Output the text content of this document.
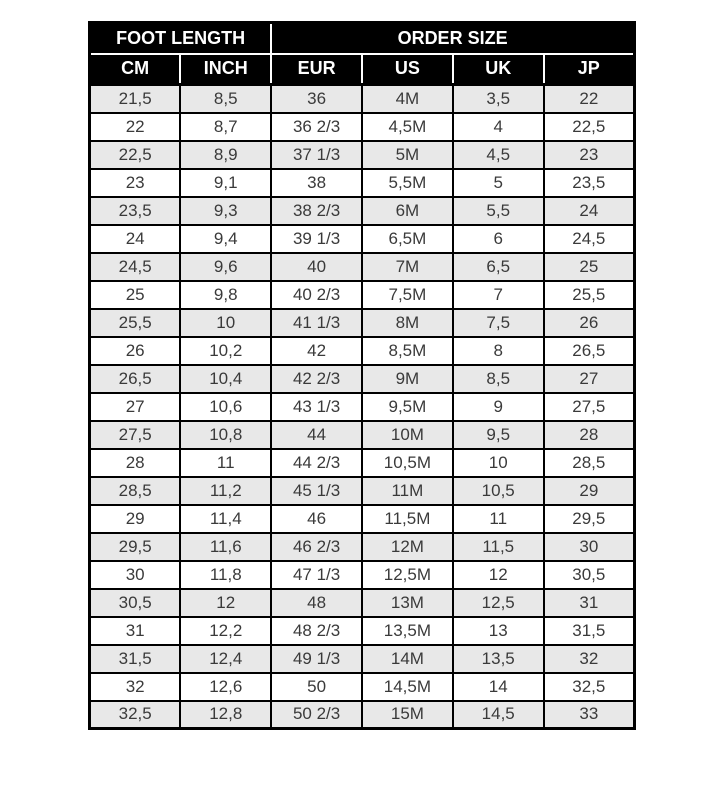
FOOT LENGTH		ORDER SIZE			
CM	INCH	EUR	US	UK	JP
21,5	8,5	36	4M	3,5	22
22	8,7	36 2/3	4,5M	4	22,5
22,5	8,9	37 1/3	5M	4,5	23
23	9,1	38	5,5M	5	23,5
23,5	9,3	38 2/3	6M	5,5	24
24	9,4	39 1/3	6,5M	6	24,5
24,5	9,6	40	7M	6,5	25
25	9,8	40 2/3	7,5M	7	25,5
25,5	10	41 1/3	8M	7,5	26
26	10,2	42	8,5M	8	26,5
26,5	10,4	42 2/3	9M	8,5	27
27	10,6	43 1/3	9,5M	9	27,5
27,5	10,8	44	10M	9,5	28
28	11	44 2/3	10,5M	10	28,5
28,5	11,2	45 1/3	11M	10,5	29
29	11,4	46	11,5M	11	29,5
29,5	11,6	46 2/3	12M	11,5	30
30	11,8	47 1/3	12,5M	12	30,5
30,5	12	48	13M	12,5	31
31	12,2	48 2/3	13,5M	13	31,5
31,5	12,4	49 1/3	14M	13,5	32
32	12,6	50	14,5M	14	32,5
32,5	12,8	50 2/3	15M	14,5	33
